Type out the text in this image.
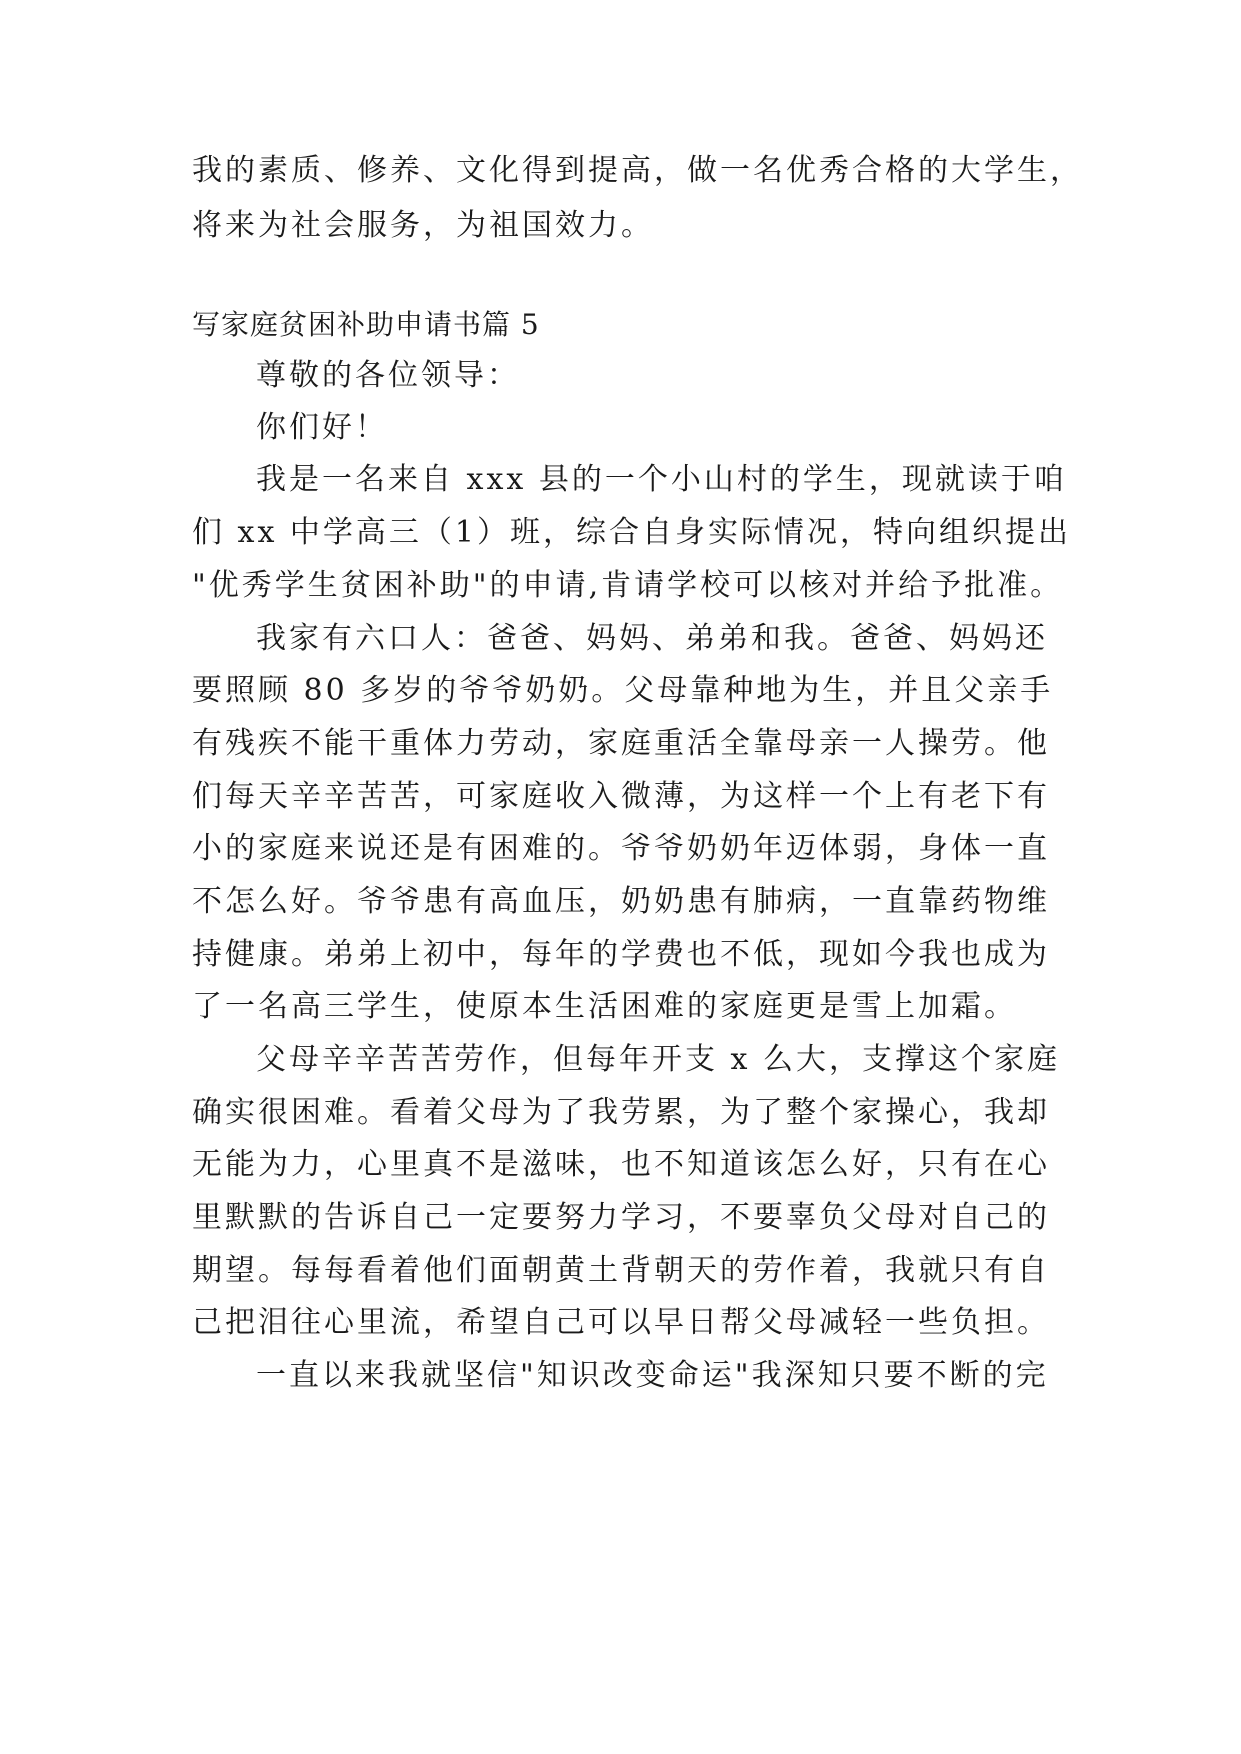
我的素质、修养、文化得到提高，做一名优秀合格的大学生，
将来为社会服务，为祖国效力。
写家庭贫困补助申请书篇 5
尊敬的各位领导：
你们好！
我是一名来自 xxx 县的一个小山村的学生，现就读于咱
们 xx 中学高三（1）班，综合自身实际情况，特向组织提出
"优秀学生贫困补助"的申请,肯请学校可以核对并给予批准。
我家有六口人：爸爸、妈妈、弟弟和我。爸爸、妈妈还
要照顾 80 多岁的爷爷奶奶。父母靠种地为生，并且父亲手
有残疾不能干重体力劳动，家庭重活全靠母亲一人操劳。他
们每天辛辛苦苦，可家庭收入微薄，为这样一个上有老下有
小的家庭来说还是有困难的。爷爷奶奶年迈体弱，身体一直
不怎么好。爷爷患有高血压，奶奶患有肺病，一直靠药物维
持健康。弟弟上初中，每年的学费也不低，现如今我也成为
了一名高三学生，使原本生活困难的家庭更是雪上加霜。
父母辛辛苦苦劳作，但每年开支 x 么大，支撑这个家庭
确实很困难。看着父母为了我劳累，为了整个家操心，我却
无能为力，心里真不是滋味，也不知道该怎么好，只有在心
里默默的告诉自己一定要努力学习，不要辜负父母对自己的
期望。每每看着他们面朝黄土背朝天的劳作着，我就只有自
己把泪往心里流，希望自己可以早日帮父母减轻一些负担。
一直以来我就坚信"知识改变命运"我深知只要不断的完
